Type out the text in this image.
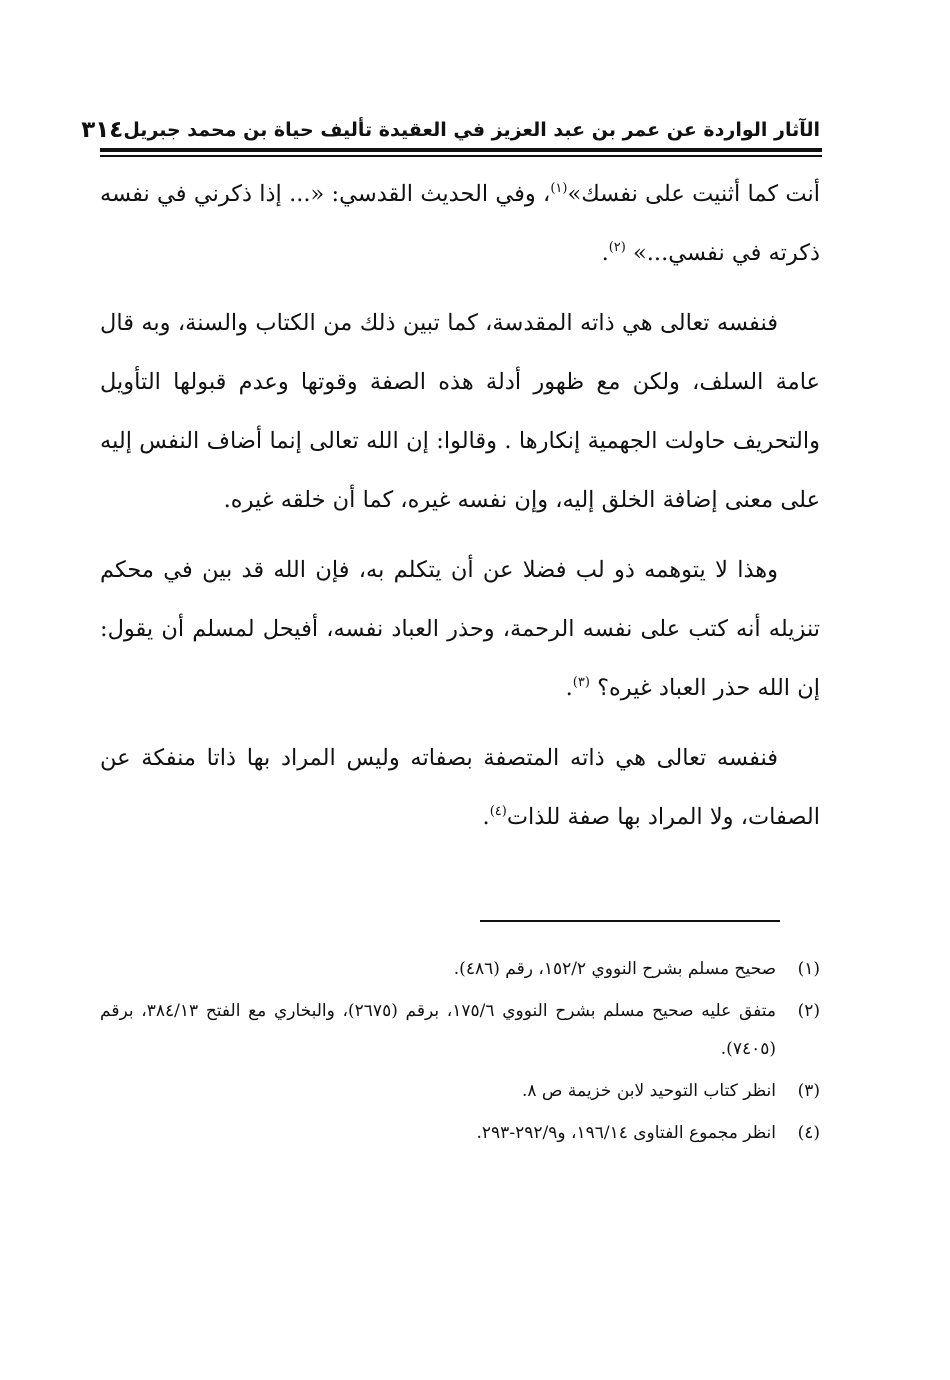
الآثار الواردة عن عمر بن عبد العزيز في العقيدة تأليف حياة بن محمد جبريل
٣١٤

أنت كما أثنيت على نفسك»$^{(١)}$، وفي الحديث القدسي: «... إذا ذكرني في نفسه ذكرته في نفسي...» $^{(٢)}$.

فنفسه تعالى هي ذاته المقدسة، كما تبين ذلك من الكتاب والسنة، وبه قال عامة السلف، ولكن مع ظهور أدلة هذه الصفة وقوتها وعدم قبولها التأويل والتحريف حاولت الجهمية إنكارها . وقالوا: إن الله تعالى إنما أضاف النفس إليه على معنى إضافة الخلق إليه، وإن نفسه غيره، كما أن خلقه غيره.

وهذا لا يتوهمه ذو لب فضلا عن أن يتكلم به، فإن الله قد بين في محكم تنزيله أنه كتب على نفسه الرحمة، وحذر العباد نفسه، أفيحل لمسلم أن يقول: إن الله حذر العباد غيره؟ $^{(٣)}$.

فنفسه تعالى هي ذاته المتصفة بصفاته وليس المراد بها ذاتا منفكة عن الصفات، ولا المراد بها صفة للذات$^{(٤)}$.

(١)
صحيح مسلم بشرح النووي ١٥٢/٢، رقم (٤٨٦).
(٢)
متفق عليه صحيح مسلم بشرح النووي ١٧٥/٦، برقم (٢٦٧٥)، والبخاري مع الفتح ٣٨٤/١٣، برقم (٧٤٠٥).
(٣)
انظر كتاب التوحيد لابن خزيمة ص ٨.
(٤)
انظر مجموع الفتاوى ١٩٦/١٤، و٢٩٢/٩-٢٩٣.
